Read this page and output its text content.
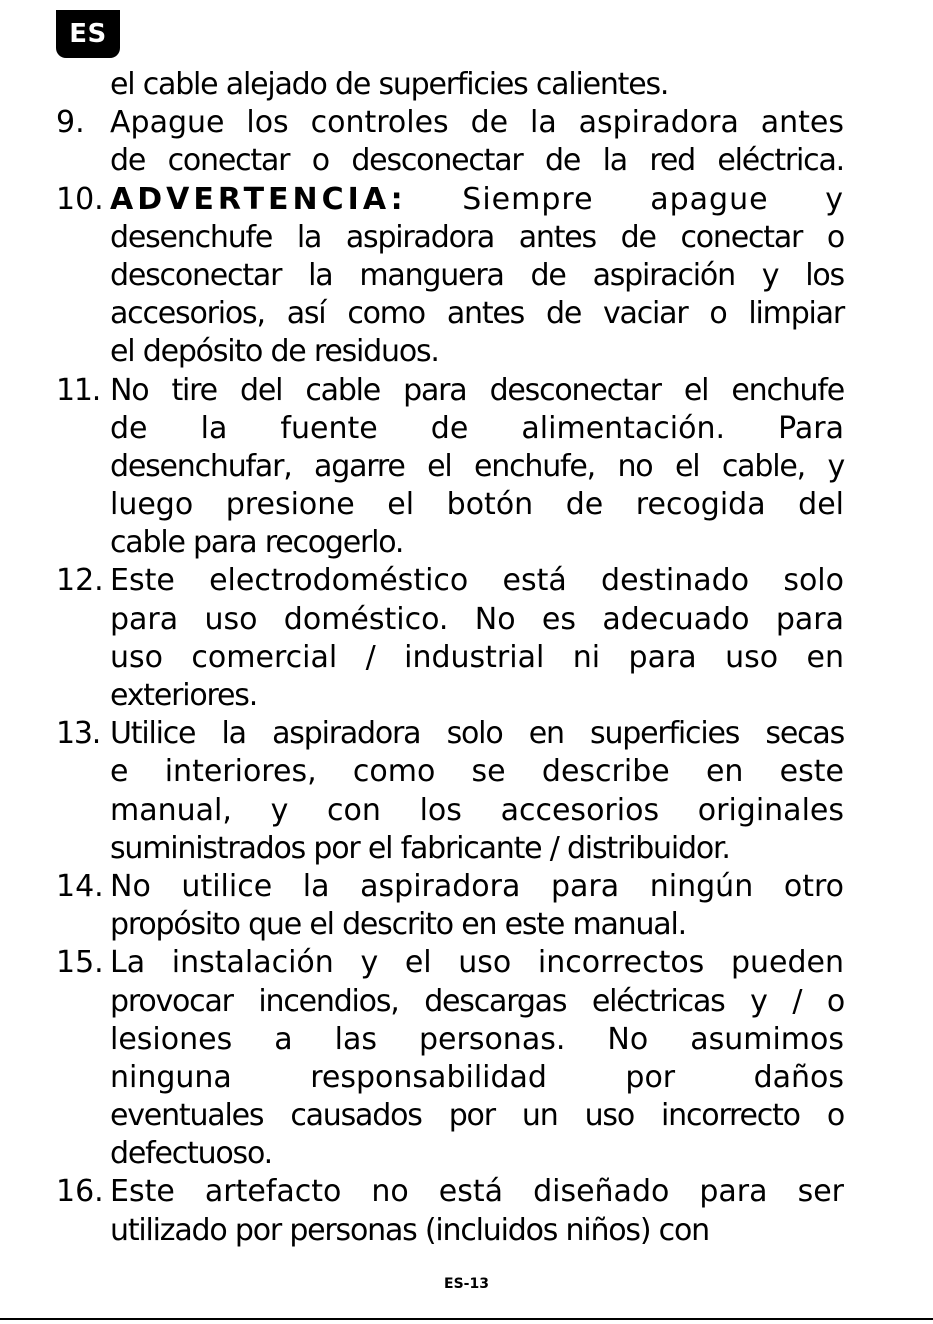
ES
el cable alejado de superficies calientes.
9. Apague los controles de la aspiradora antes
de conectar o desconectar de la red eléctrica.
10. ADVERTENCIA: Siempre apague y
desenchufe la aspiradora antes de conectar o
desconectar la manguera de aspiración y los
accesorios, así como antes de vaciar o limpiar
el depósito de residuos.
11. No tire del cable para desconectar el enchufe
de la fuente de alimentación. Para
desenchufar, agarre el enchufe, no el cable, y
luego presione el botón de recogida del
cable para recogerlo.
12. Este electrodoméstico está destinado solo
para uso doméstico. No es adecuado para
uso comercial / industrial ni para uso en
exteriores.
13. Utilice la aspiradora solo en superficies secas
e interiores, como se describe en este
manual, y con los accesorios originales
suministrados por el fabricante / distribuidor.
14. No utilice la aspiradora para ningún otro
propósito que el descrito en este manual.
15. La instalación y el uso incorrectos pueden
provocar incendios, descargas eléctricas y / o
lesiones a las personas. No asumimos
ninguna responsabilidad por daños
eventuales causados por un uso incorrecto o
defectuoso.
16. Este artefacto no está diseñado para ser
utilizado por personas (incluidos niños) con
ES-13
